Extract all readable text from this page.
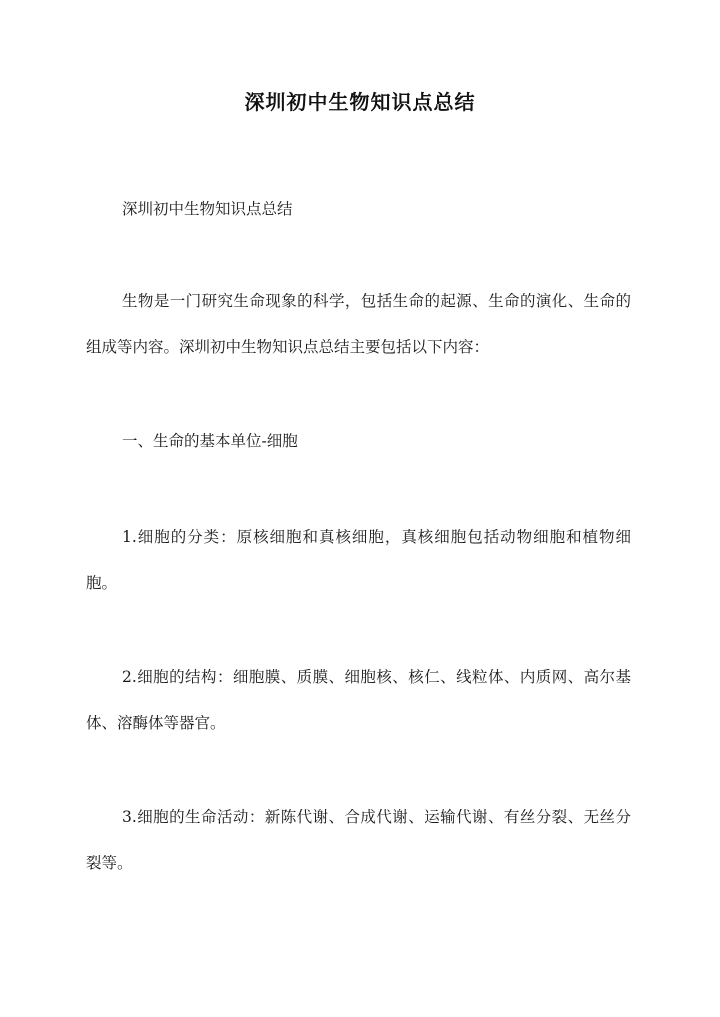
深圳初中生物知识点总结

深圳初中生物知识点总结

生物是一门研究生命现象的科学，包括生命的起源、生命的演化、生命的组成等内容。深圳初中生物知识点总结主要包括以下内容：

一、生命的基本单位-细胞

1.细胞的分类：原核细胞和真核细胞，真核细胞包括动物细胞和植物细胞。

2.细胞的结构：细胞膜、质膜、细胞核、核仁、线粒体、内质网、高尔基体、溶酶体等器官。

3.细胞的生命活动：新陈代谢、合成代谢、运输代谢、有丝分裂、无丝分裂等。
